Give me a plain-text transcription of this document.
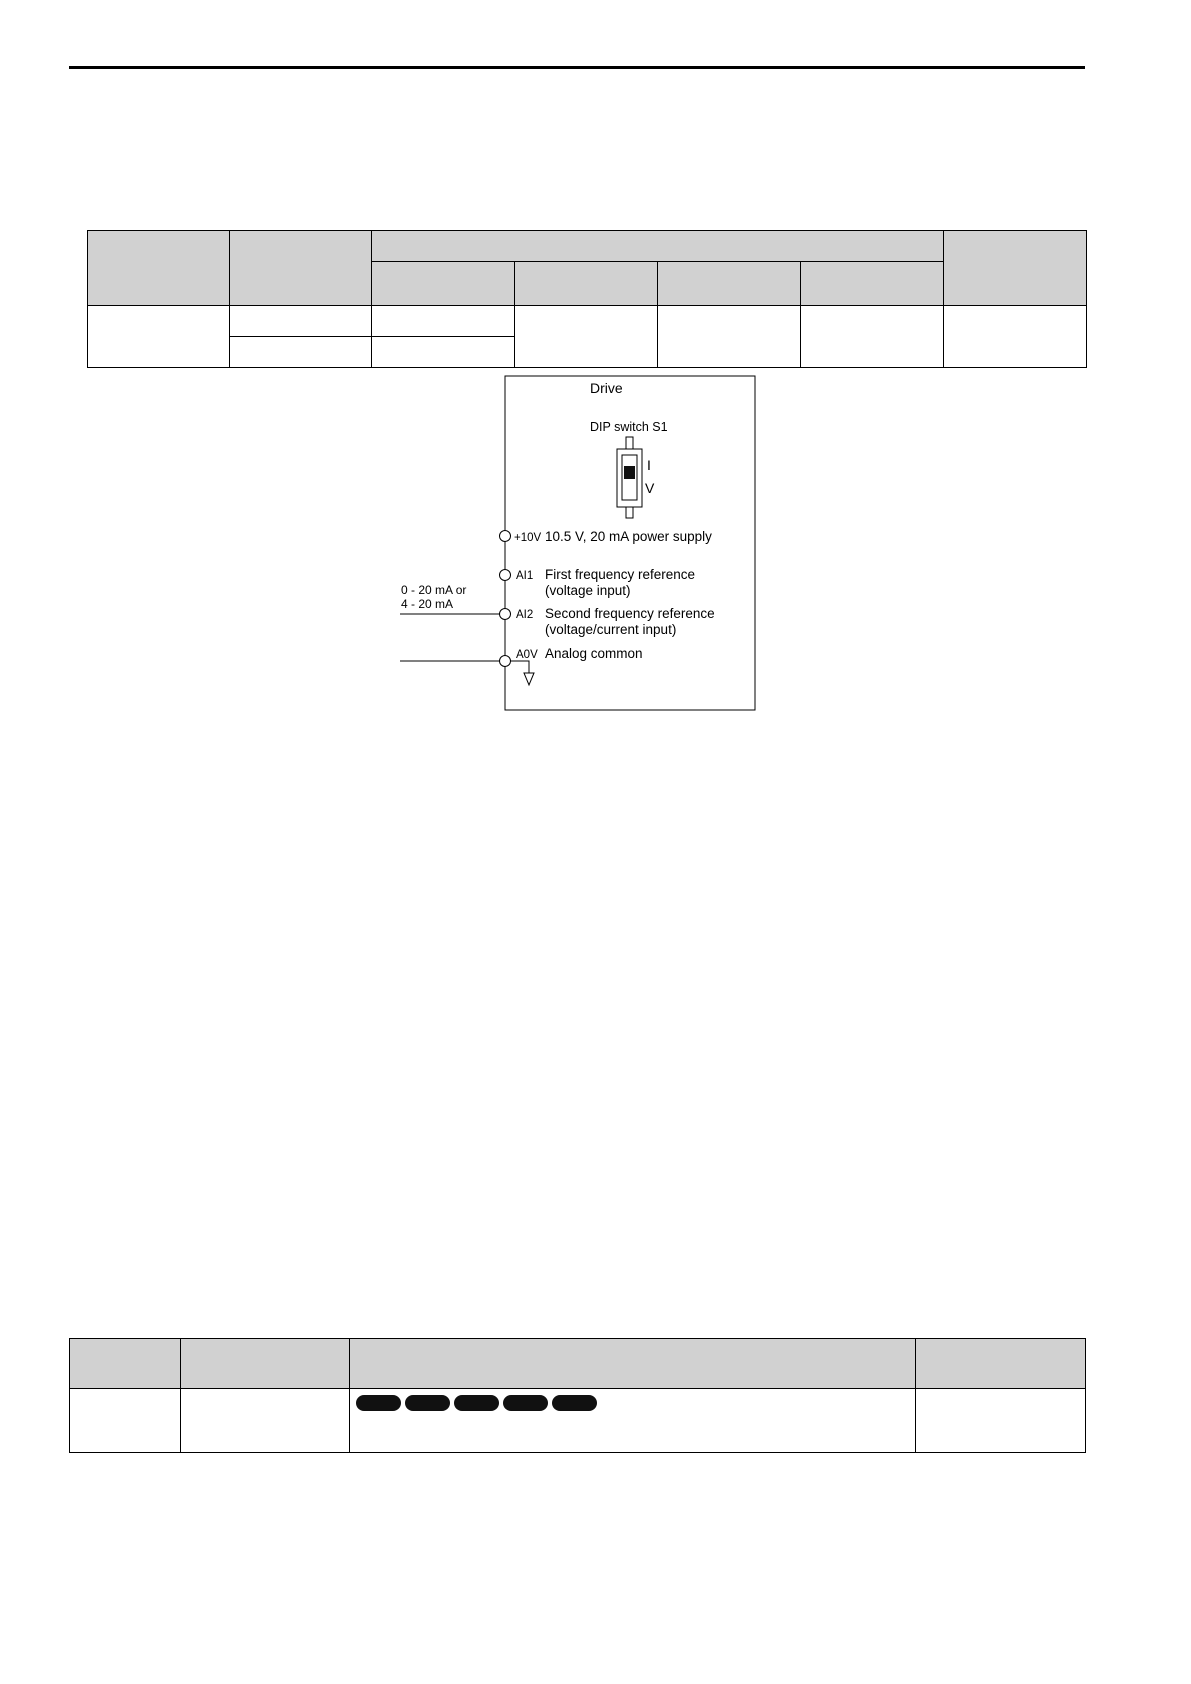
Drive
DIP switch S1
I
V
+10V 10.5 V, 20 mA power supply
AI1 First frequency reference
(voltage input)
AI2 Second frequency reference
(voltage/current input)
0 - 20 mA or
4 - 20 mA
A0V Analog common
